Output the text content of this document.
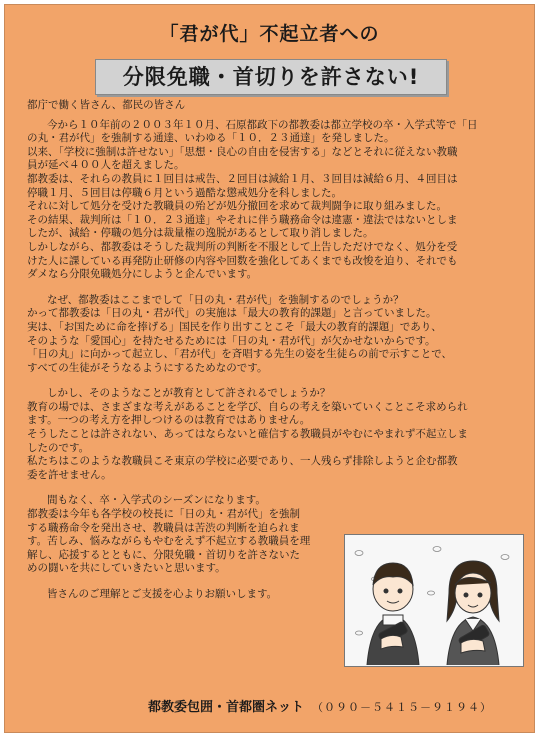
「君が代」不起立者への
分限免職・首切りを許さない!
都庁で働く皆さん、都民の皆さん
今から１０年前の２００３年１０月、石原都政下の都教委は都立学校の卒・入学式等で「日
の丸・君が代」を強制する通達、いわゆる「１０．２３通達」を発しました。
以来、「学校に強制は許せない」「思想・良心の自由を侵害する」などとそれに従えない教職
員が延べ４００人を超えました。
都教委は、それらの教員に１回目は戒告、２回目は減給１月、３回目は減給６月、４回目は
停職１月、５回目は停職６月という過酷な懲戒処分を科しました。
それに対して処分を受けた教職員の殆どが処分撤回を求めて裁判闘争に取り組みました。
その結果、裁判所は「１０．２３通達」やそれに伴う職務命令は違憲・違法ではないとしま
したが、減給・停職の処分は裁量権の逸脱があるとして取り消しました。
しかしながら、都教委はそうした裁判所の判断を不服として上告しただけでなく、処分を受
けた人に課している再発防止研修の内容や回数を強化してあくまでも改悛を迫り、それでも
ダメなら分限免職処分にしようと企んでいます。
なぜ、都教委はここまでして「日の丸・君が代」を強制するのでしょうか？
かって都教委は「日の丸・君が代」の実施は「最大の教育的課題」と言っていました。
実は、「お国ために命を捧げる」国民を作り出すことこそ「最大の教育的課題」であり、
そのような「愛国心」を持たせるためには「日の丸・君が代」が欠かせないからです。
「日の丸」に向かって起立し、「君が代」を斉唱する先生の姿を生徒らの前で示すことで、
すべての生徒がそうなるようにするためなのです。
しかし、そのようなことが教育として許されるでしょうか？
教育の場では、さまざまな考えがあることを学び、自らの考えを築いていくことこそ求められ
ます。一つの考え方を押しつけるのは教育ではありません。
そうしたことは許されない、あってはならないと確信する教職員がやむにやまれず不起立しま
したのです。
私たちはこのような教職員こそ東京の学校に必要であり、一人残らず排除しようと企む都教
委を許せません。
間もなく、卒・入学式のシーズンになります。
都教委は今年も各学校の校長に「日の丸・君が代」を強制
する職務命令を発出させ、教職員は苦渋の判断を迫られま
す。苦しみ、悩みながらもやむをえず不起立する教職員を理
解し、応援するとともに、分限免職・首切りを許さないた
めの闘いを共にしていきたいと思います。
皆さんのご理解とご支援を心よりお願いします。
都教委包囲・首都圏ネット （０９０－５４１５－９１９４）
